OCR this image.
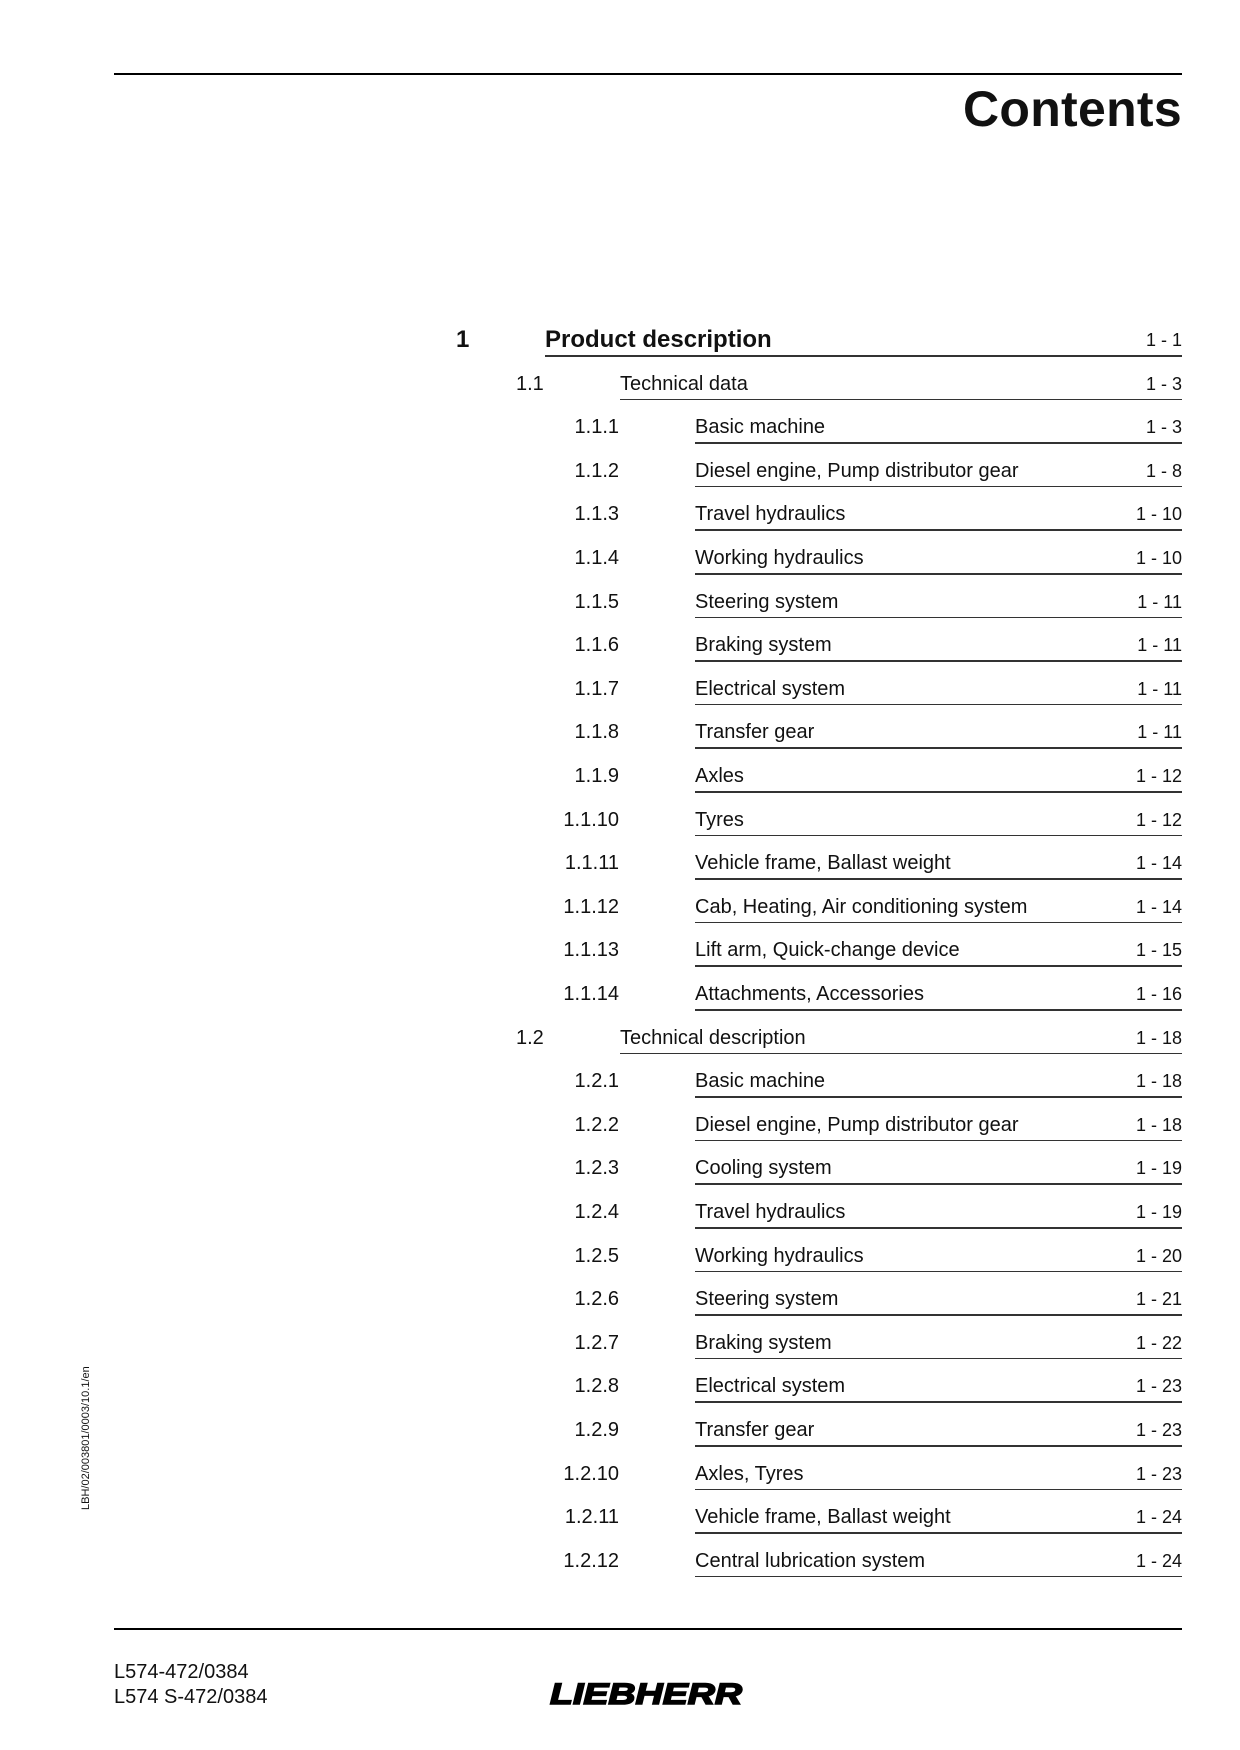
Contents
LBH/02/003801/0003/10.1/en
1	Product description	1 - 1
1.1	Technical data	1 - 3
1.1.1	Basic machine	1 - 3
1.1.2	Diesel engine, Pump distributor gear	1 - 8
1.1.3	Travel hydraulics	1 - 10
1.1.4	Working hydraulics	1 - 10
1.1.5	Steering system	1 - 11
1.1.6	Braking system	1 - 11
1.1.7	Electrical system	1 - 11
1.1.8	Transfer gear	1 - 11
1.1.9	Axles	1 - 12
1.1.10	Tyres	1 - 12
1.1.11	Vehicle frame, Ballast weight	1 - 14
1.1.12	Cab, Heating, Air conditioning system	1 - 14
1.1.13	Lift arm, Quick-change device	1 - 15
1.1.14	Attachments, Accessories	1 - 16
1.2	Technical description	1 - 18
1.2.1	Basic machine	1 - 18
1.2.2	Diesel engine, Pump distributor gear	1 - 18
1.2.3	Cooling system	1 - 19
1.2.4	Travel hydraulics	1 - 19
1.2.5	Working hydraulics	1 - 20
1.2.6	Steering system	1 - 21
1.2.7	Braking system	1 - 22
1.2.8	Electrical system	1 - 23
1.2.9	Transfer gear	1 - 23
1.2.10	Axles, Tyres	1 - 23
1.2.11	Vehicle frame, Ballast weight	1 - 24
1.2.12	Central lubrication system	1 - 24
L574-472/0384
L574 S-472/0384	LIEBHERR
